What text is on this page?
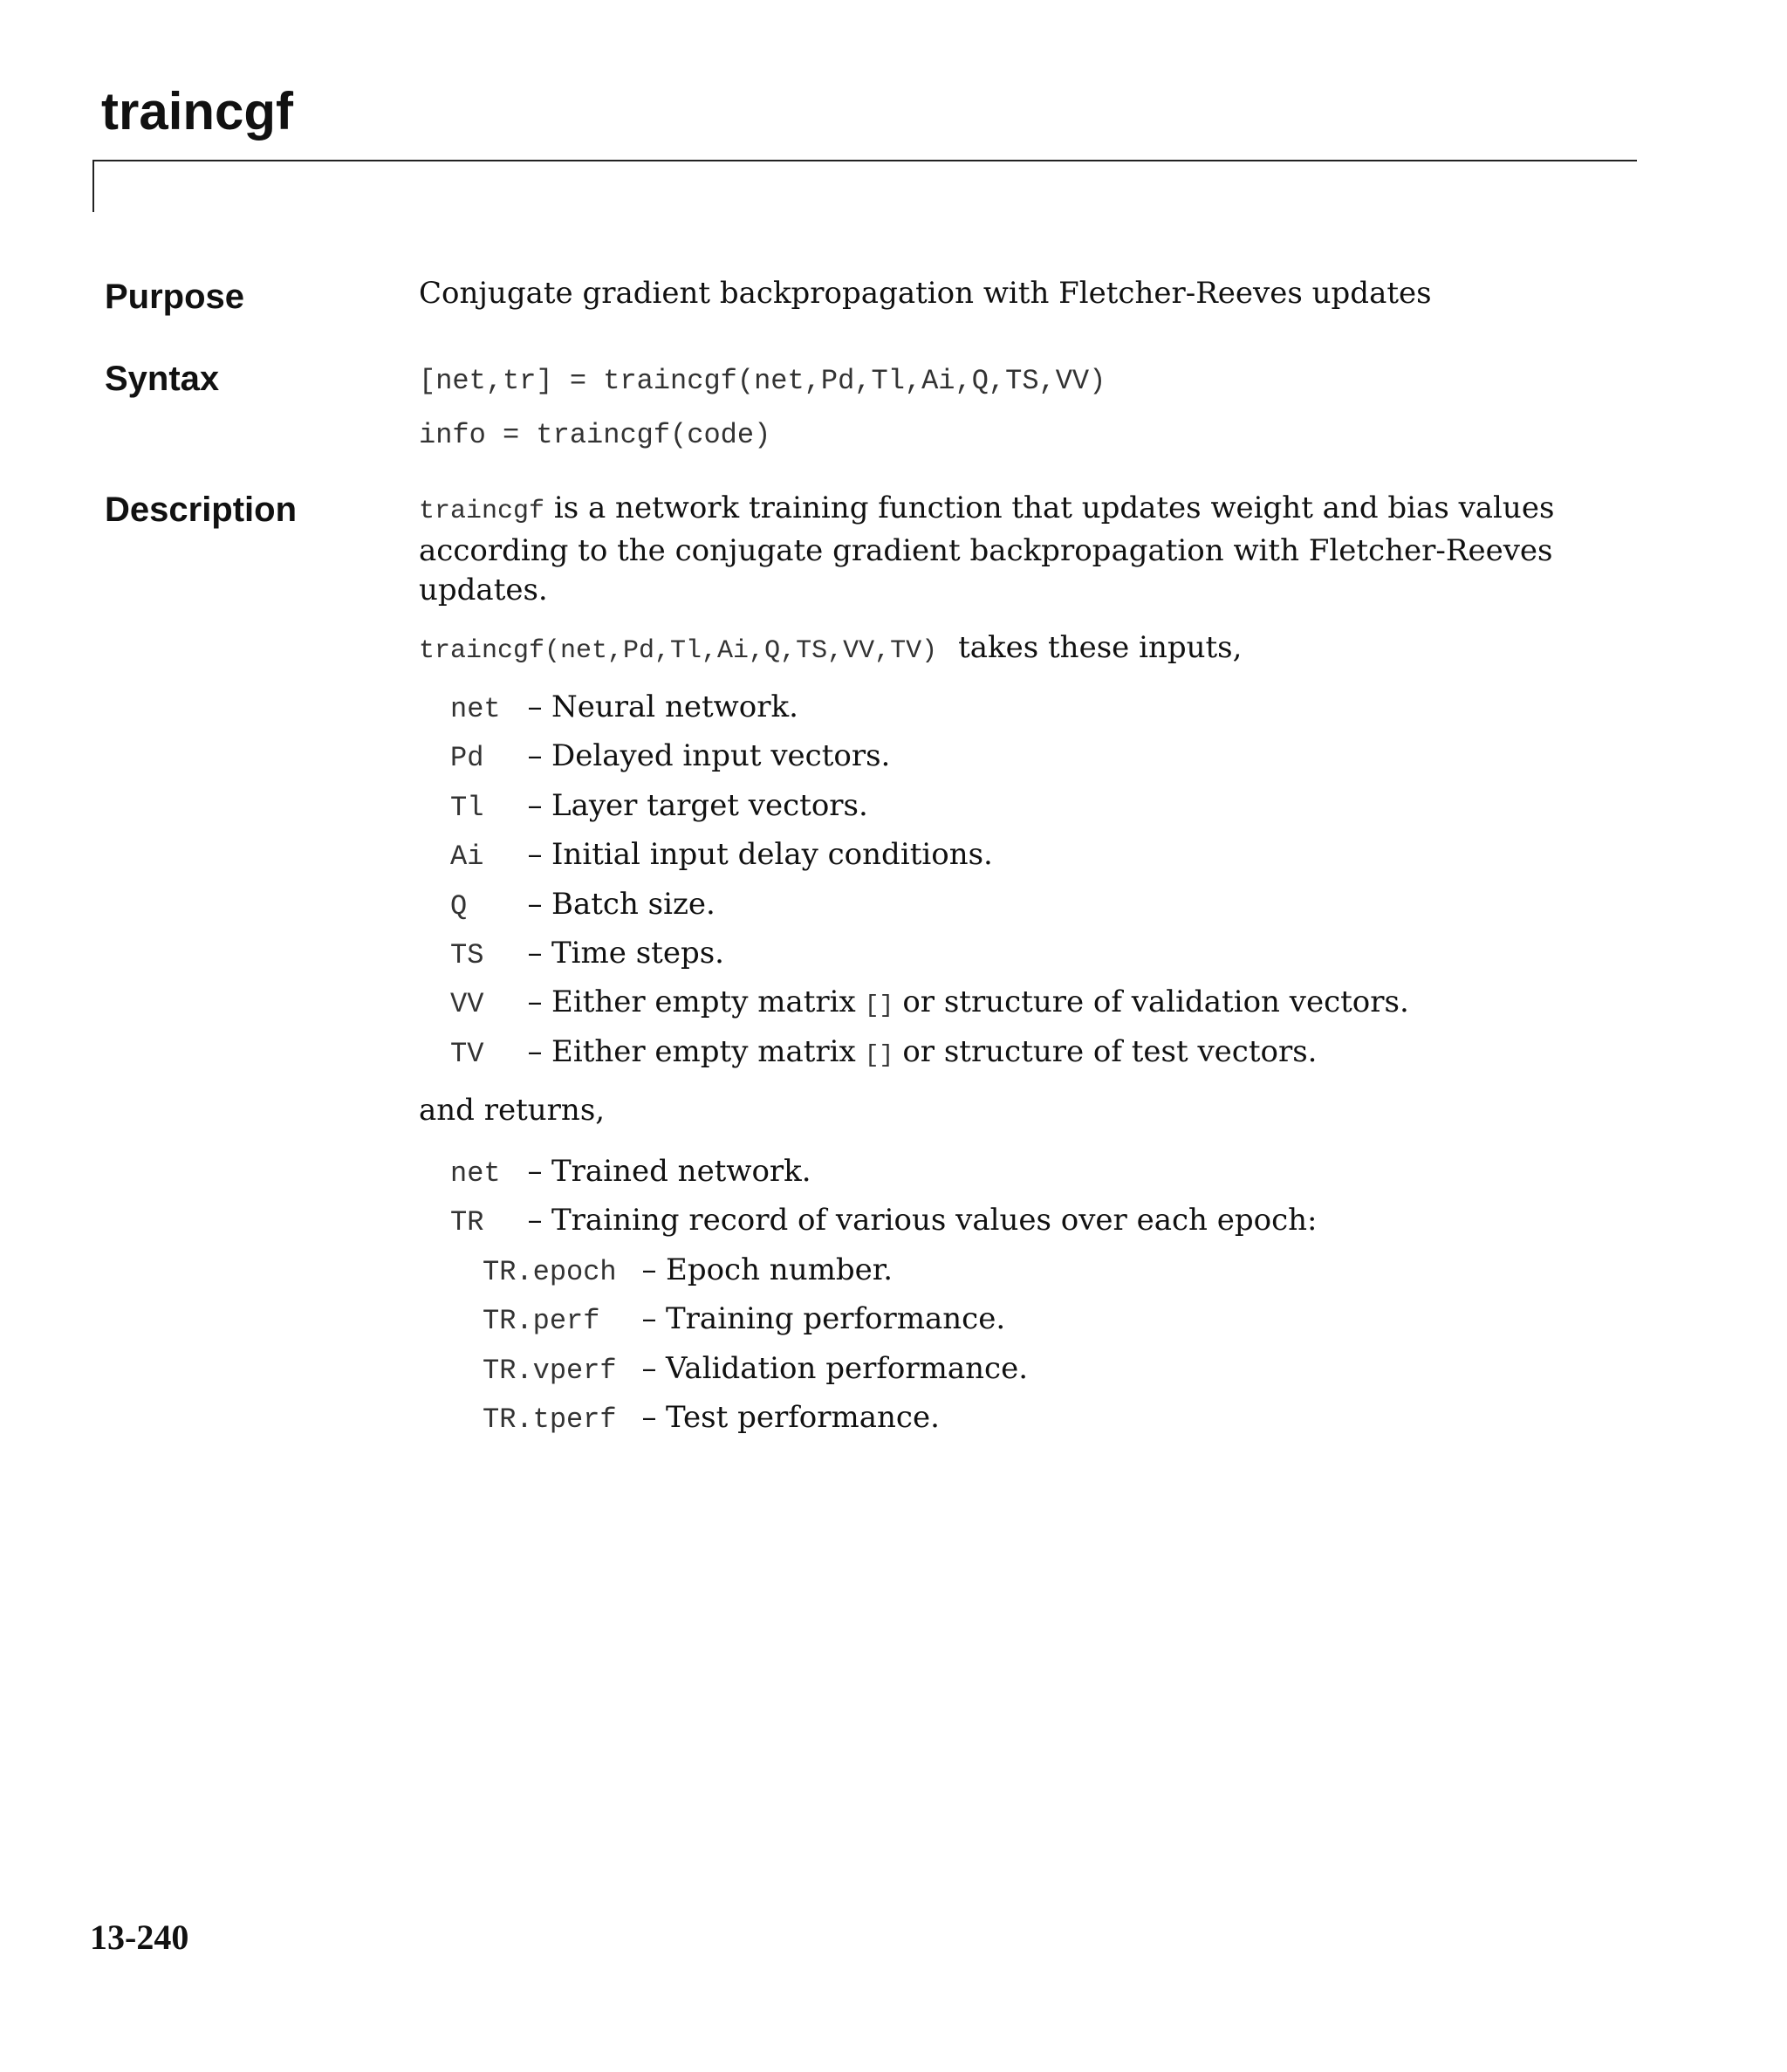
traincgf
Purpose	Conjugate gradient backpropagation with Fletcher-Reeves updates
Syntax	[net,tr] = traincgf(net,Pd,Tl,Ai,Q,TS,VV)
info = traincgf(code)
Description	traincgf is a network training function that updates weight and bias values according to the conjugate gradient backpropagation with Fletcher-Reeves updates.
traincgf(net,Pd,Tl,Ai,Q,TS,VV,TV) takes these inputs,
net – Neural network.
Pd	– Delayed input vectors.
Tl	– Layer target vectors.
Ai	– Initial input delay conditions.
Q	– Batch size.
TS	– Time steps.
VV	– Either empty matrix [] or structure of validation vectors.
TV	– Either empty matrix [] or structure of test vectors.
and returns,
net – Trained network.
TR	– Training record of various values over each epoch:
TR.epoch – Epoch number.
TR.perf	– Training performance.
TR.vperf – Validation performance.
TR.tperf – Test performance.
13-240
